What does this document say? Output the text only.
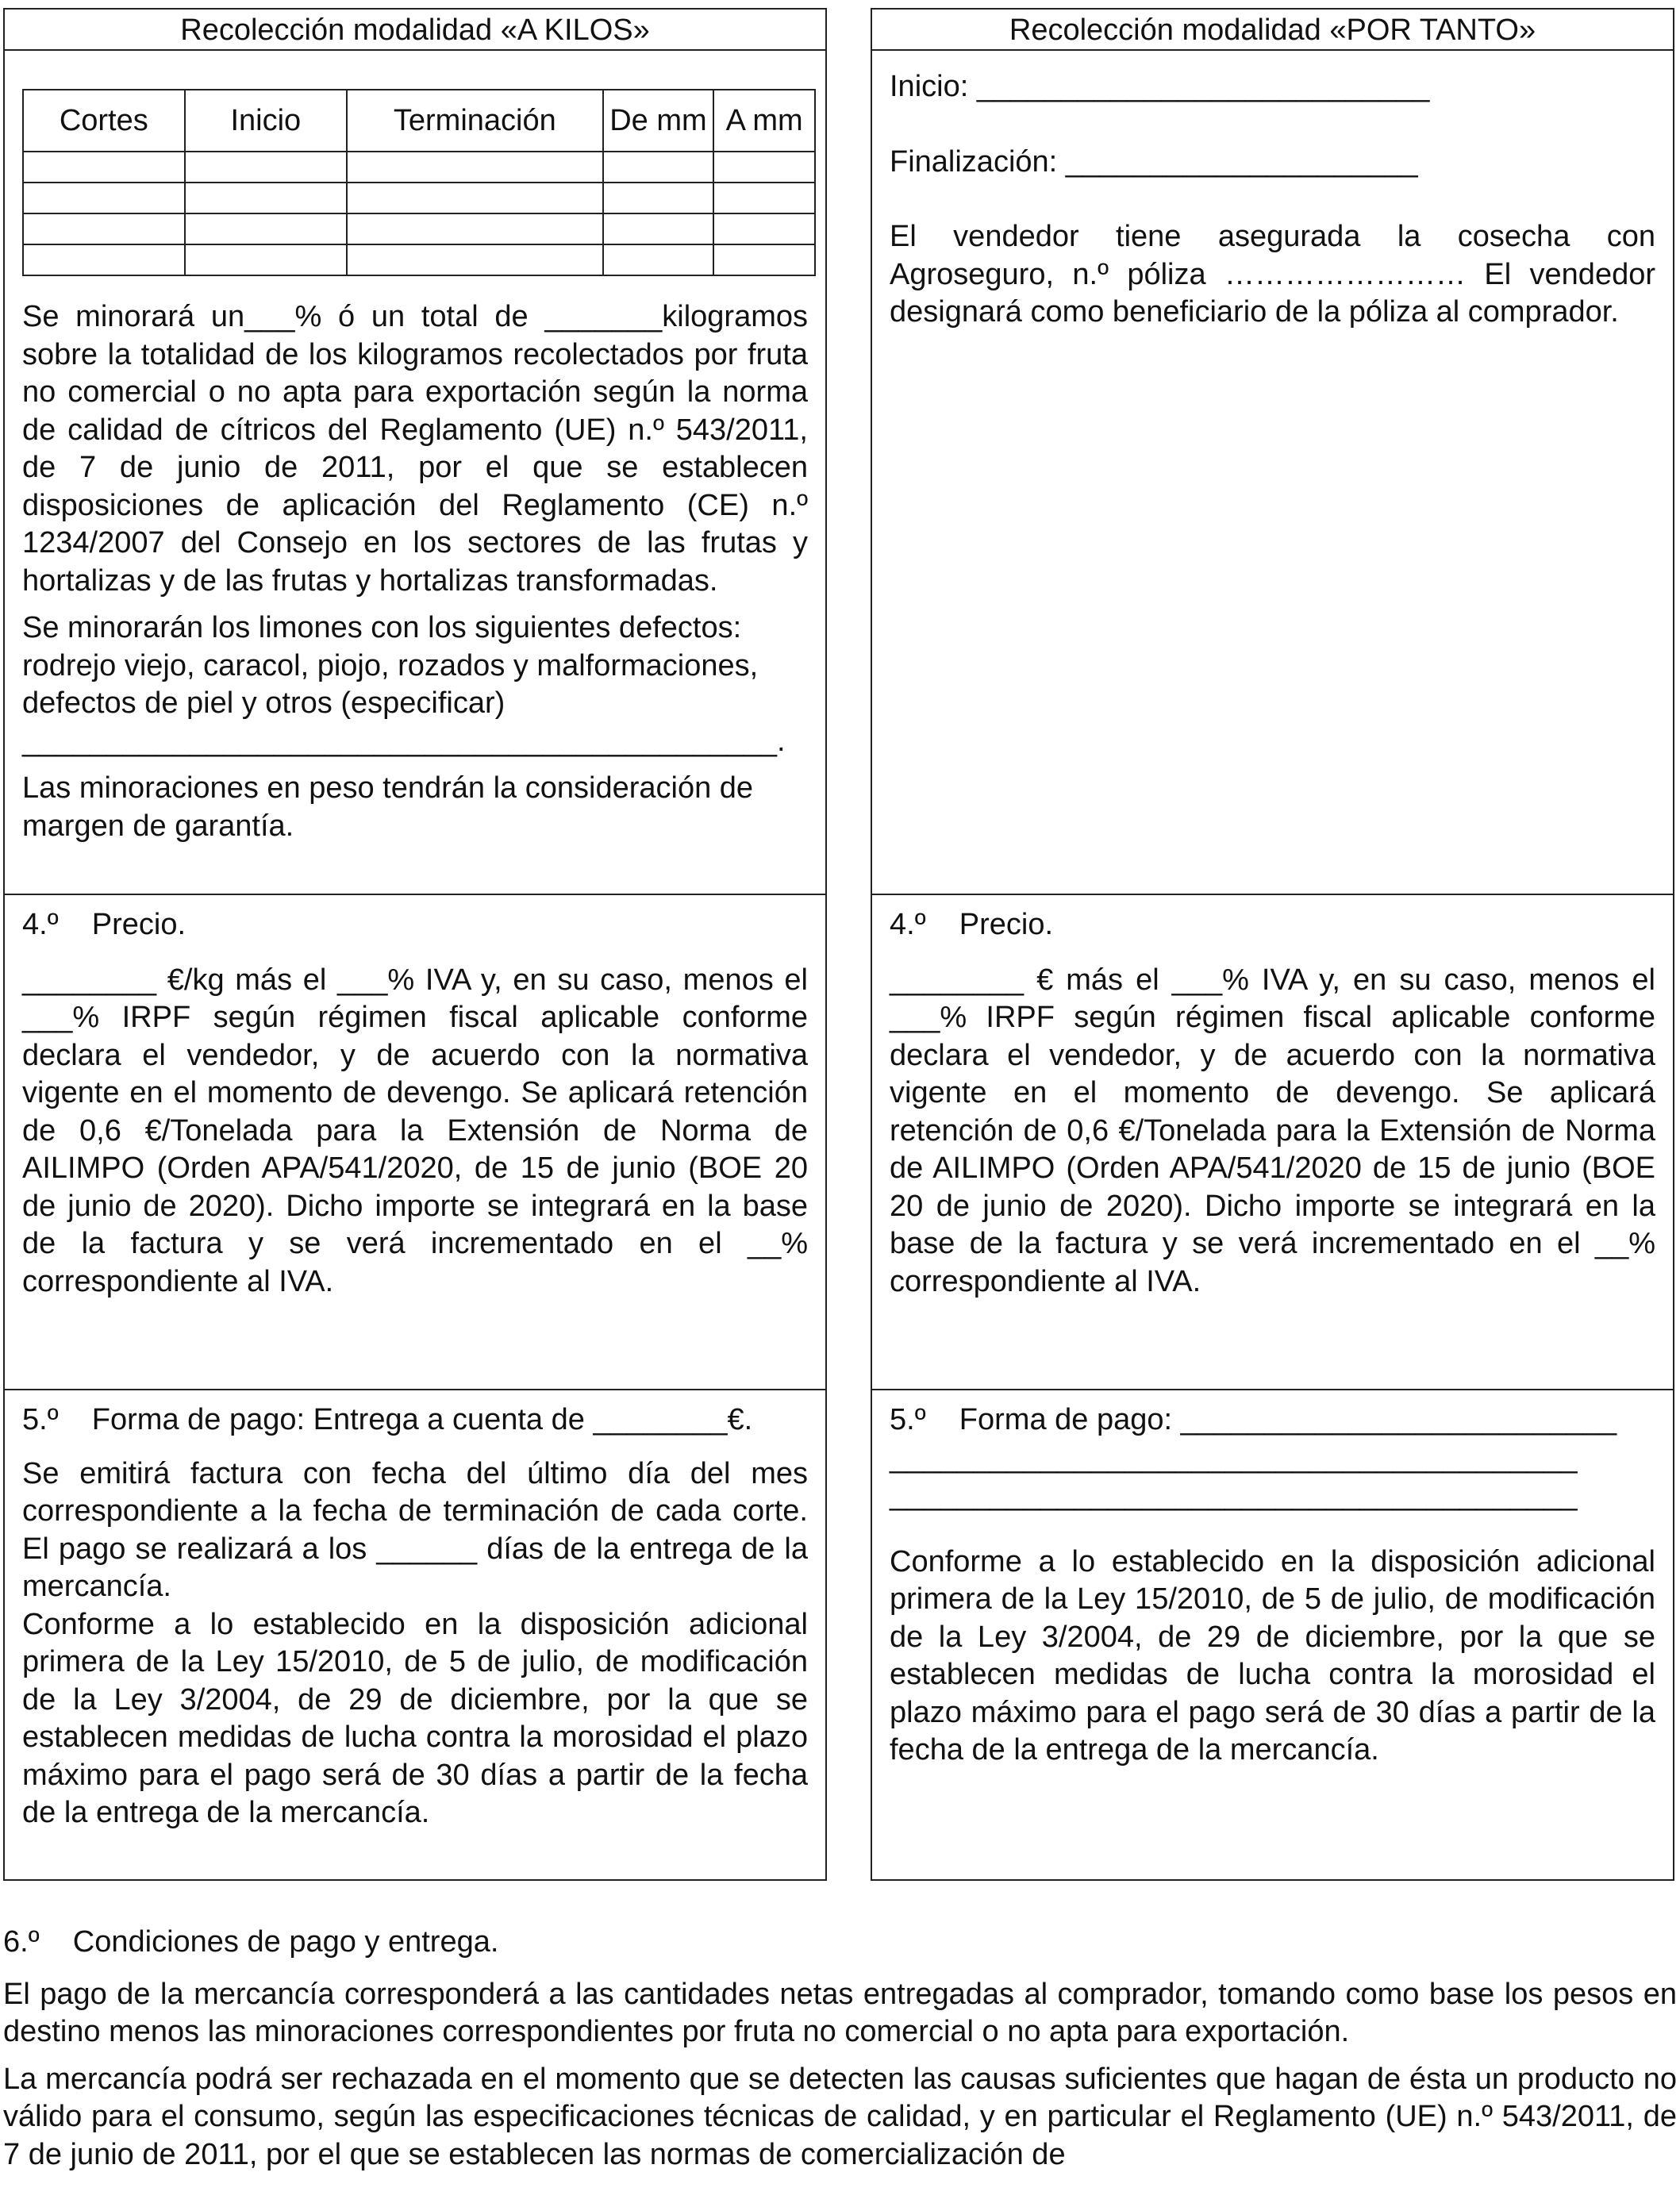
Recolección modalidad «A KILOS»
Cortes	Inicio	Terminación	De mm	A mm

Se minorará un___% ó un total de _______kilogramos sobre la totalidad de los kilogramos recolectados por fruta no comercial o no apta para exportación según la norma de calidad de cítricos del Reglamento (UE) n.º 543/2011, de 7 de junio de 2011, por el que se establecen disposiciones de aplicación del Reglamento (CE) n.º 1234/2007 del Consejo en los sectores de las frutas y hortalizas y de las frutas y hortalizas transformadas.

Se minorarán los limones con los siguientes defectos: rodrejo viejo, caracol, piojo, rozados y malformaciones, defectos de piel y otros (especificar) _____________________________________________.

Las minoraciones en peso tendrán la consideración de margen de garantía.

4.º    Precio.

________ €/kg más el ___% IVA y, en su caso, menos el ___% IRPF según régimen fiscal aplicable conforme declara el vendedor, y de acuerdo con la normativa vigente en el momento de devengo. Se aplicará retención de 0,6 €/Tonelada para la Extensión de Norma de AILIMPO (Orden APA/541/2020, de 15 de junio (BOE 20 de junio de 2020). Dicho importe se integrará en la base de la factura y se verá incrementado en el __% correspondiente al IVA.

5.º    Forma de pago: Entrega a cuenta de ________€.

Se emitirá factura con fecha del último día del mes correspondiente a la fecha de terminación de cada corte. El pago se realizará a los ______ días de la entrega de la mercancía.

Conforme a lo establecido en la disposición adicional primera de la Ley 15/2010, de 5 de julio, de modificación de la Ley 3/2004, de 29 de diciembre, por la que se establecen medidas de lucha contra la morosidad el plazo máximo para el pago será de 30 días a partir de la fecha de la entrega de la mercancía.

Recolección modalidad «POR TANTO»

Inicio: ___________________________

Finalización: _____________________

El vendedor tiene asegurada la cosecha con Agroseguro, n.º póliza …………………… El vendedor designará como beneficiario de la póliza al comprador.

4.º    Precio.

________ € más el ___% IVA y, en su caso, menos el ___% IRPF según régimen fiscal aplicable conforme declara el vendedor, y de acuerdo con la normativa vigente en el momento de devengo. Se aplicará retención de 0,6 €/Tonelada para la Extensión de Norma de AILIMPO (Orden APA/541/2020 de 15 de junio (BOE 20 de junio de 2020). Dicho importe se integrará en la base de la factura y se verá incrementado en el __% correspondiente al IVA.

5.º    Forma de pago: __________________________

_________________________________________

_________________________________________

Conforme a lo establecido en la disposición adicional primera de la Ley 15/2010, de 5 de julio, de modificación de la Ley 3/2004, de 29 de diciembre, por la que se establecen medidas de lucha contra la morosidad el plazo máximo para el pago será de 30 días a partir de la fecha de la entrega de la mercancía.

6.º    Condiciones de pago y entrega.

El pago de la mercancía corresponderá a las cantidades netas entregadas al comprador, tomando como base los pesos en destino menos las minoraciones correspondientes por fruta no comercial o no apta para exportación.

La mercancía podrá ser rechazada en el momento que se detecten las causas suficientes que hagan de ésta un producto no válido para el consumo, según las especificaciones técnicas de calidad, y en particular el Reglamento (UE) n.º 543/2011, de 7 de junio de 2011, por el que se establecen las normas de comercialización de
